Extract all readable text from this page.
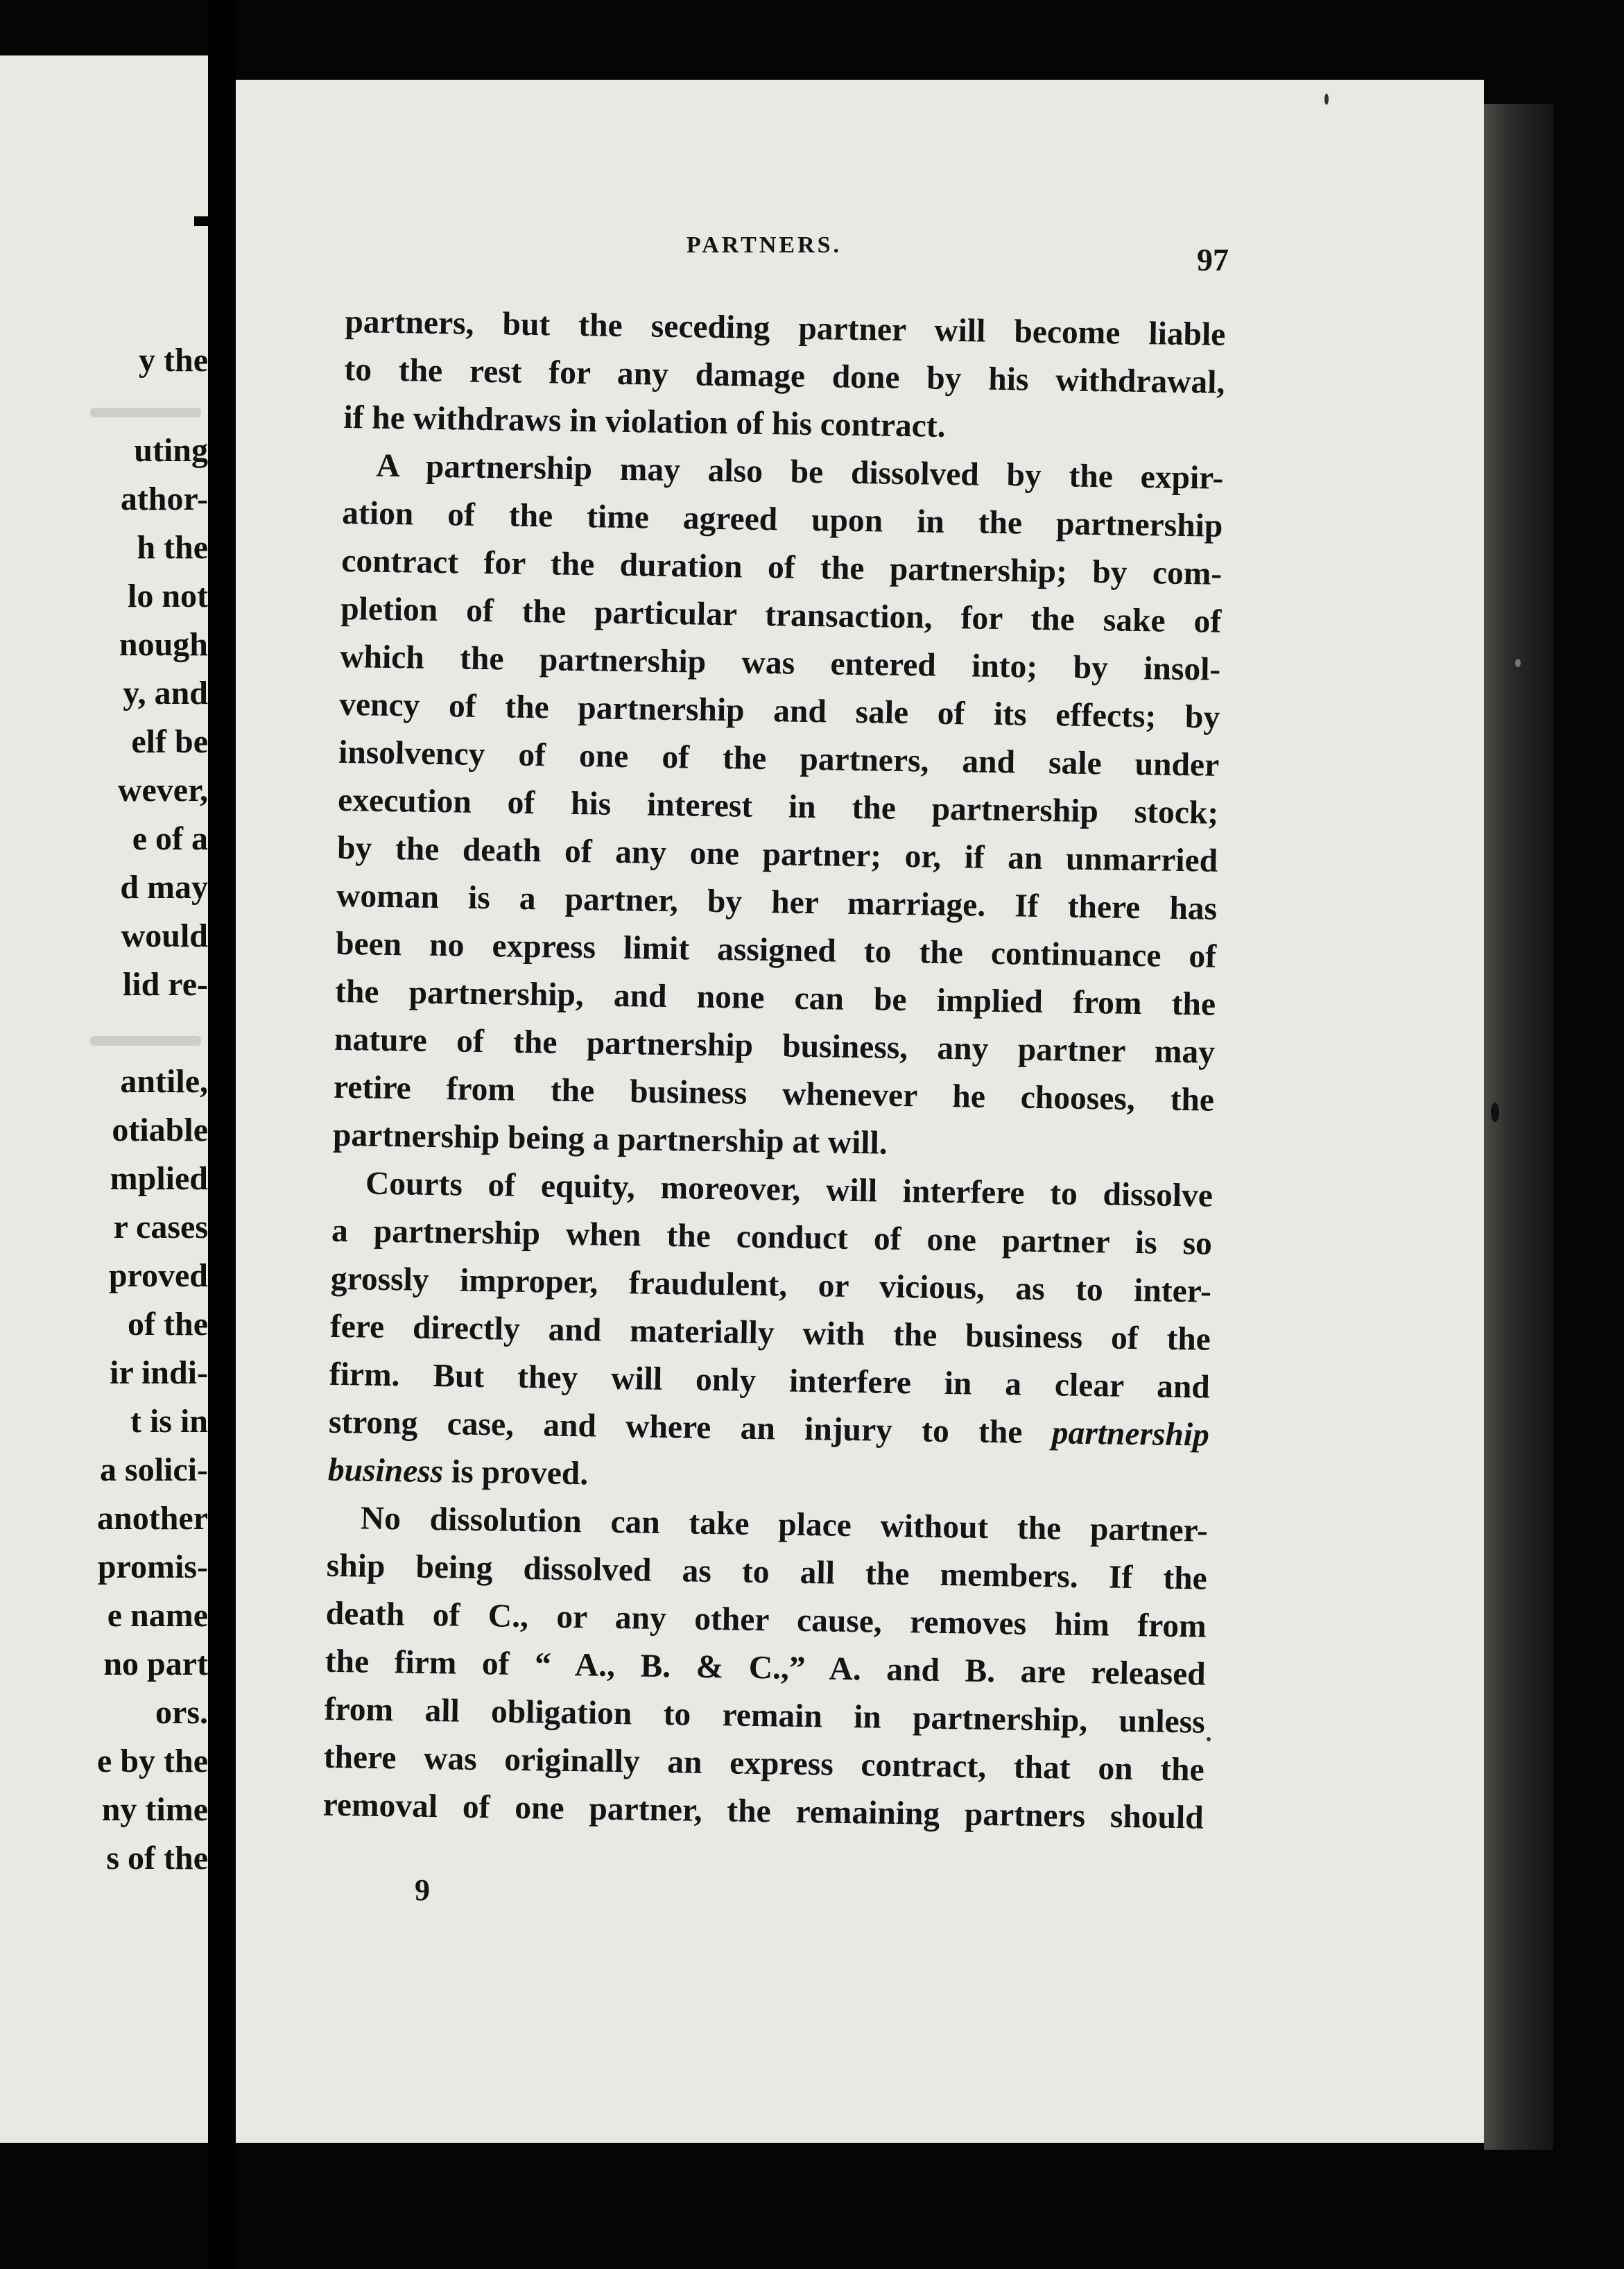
y the
uting
athor-
h the
lo not
nough
y, and
elf be
wever,
e of a
d may
would
lid re-
antile,
otiable
mplied
r cases
proved
of the
ir indi-
t is in
a solici-
another
promis-
e name
no part
ors.
e by the
ny time
s of the
PARTNERS.	97
partners, but the seceding partner will become liable
to the rest for any damage done by his withdrawal,
if he withdraws in violation of his contract.
A partnership may also be dissolved by the expir-
ation of the time agreed upon in the partnership
contract for the duration of the partnership; by com-
pletion of the particular transaction, for the sake of
which the partnership was entered into; by insol-
vency of the partnership and sale of its effects; by
insolvency of one of the partners, and sale under
execution of his interest in the partnership stock;
by the death of any one partner; or, if an unmarried
woman is a partner, by her marriage. If there has
been no express limit assigned to the continuance of
the partnership, and none can be implied from the
nature of the partnership business, any partner may
retire from the business whenever he chooses, the
partnership being a partnership at will.
Courts of equity, moreover, will interfere to dissolve
a partnership when the conduct of one partner is so
grossly improper, fraudulent, or vicious, as to inter-
fere directly and materially with the business of the
firm. But they will only interfere in a clear and
strong case, and where an injury to the partnership
business is proved.
No dissolution can take place without the partner-
ship being dissolved as to all the members. If the
death of C., or any other cause, removes him from
the firm of “ A., B. & C.,” A. and B. are released
from all obligation to remain in partnership, unless
there was originally an express contract, that on the
removal of one partner, the remaining partners should
9
